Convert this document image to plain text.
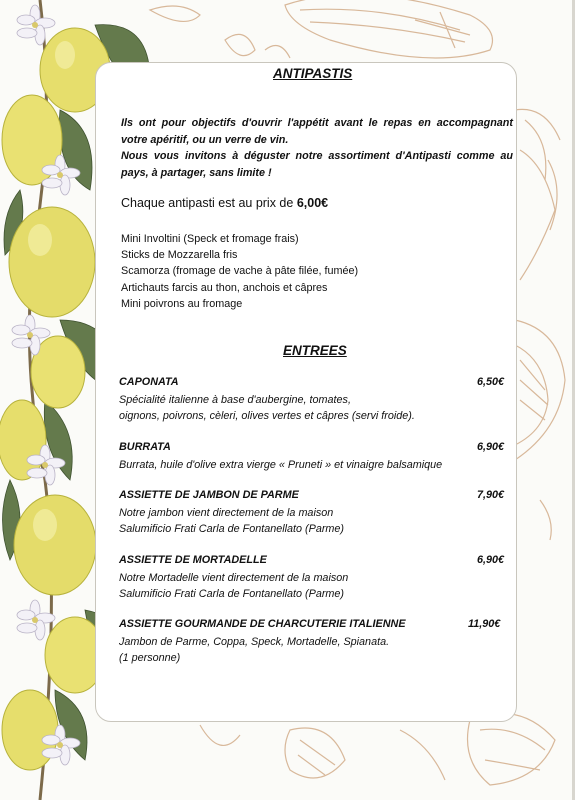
ANTIPASTIS

Ils ont pour objectifs d'ouvrir l'appétit avant le repas en accompagnant votre apéritif, ou un verre de vin.

Nous vous invitons à déguster notre assortiment d'Antipasti comme au pays, à partager, sans limite !

Chaque antipasti est au prix de 6,00€
Mini Involtini (Speck et fromage frais)
Sticks de Mozzarella fris
Scamorza (fromage de vache à pâte filée, fumée)
Artichauts farcis au thon, anchois et câpres
Mini poivrons au fromage
ENTREES
CAPONATA	6,50€
Spécialité italienne à base d'aubergine, tomates,
oignons, poivrons, cèleri, olives vertes et câpres (servi froide).
BURRATA	6,90€
Burrata, huile d'olive extra vierge « Pruneti » et vinaigre balsamique
ASSIETTE DE JAMBON DE PARME	7,90€
Notre jambon vient directement de la maison
Salumificio Frati Carla de Fontanellato (Parme)
ASSIETTE DE MORTADELLE	6,90€
Notre Mortadelle vient directement de la maison
Salumificio Frati Carla de Fontanellato (Parme)
ASSIETTE GOURMANDE DE CHARCUTERIE ITALIENNE	11,90€
Jambon de Parme, Coppa, Speck, Mortadelle, Spianata.
(1 personne)
